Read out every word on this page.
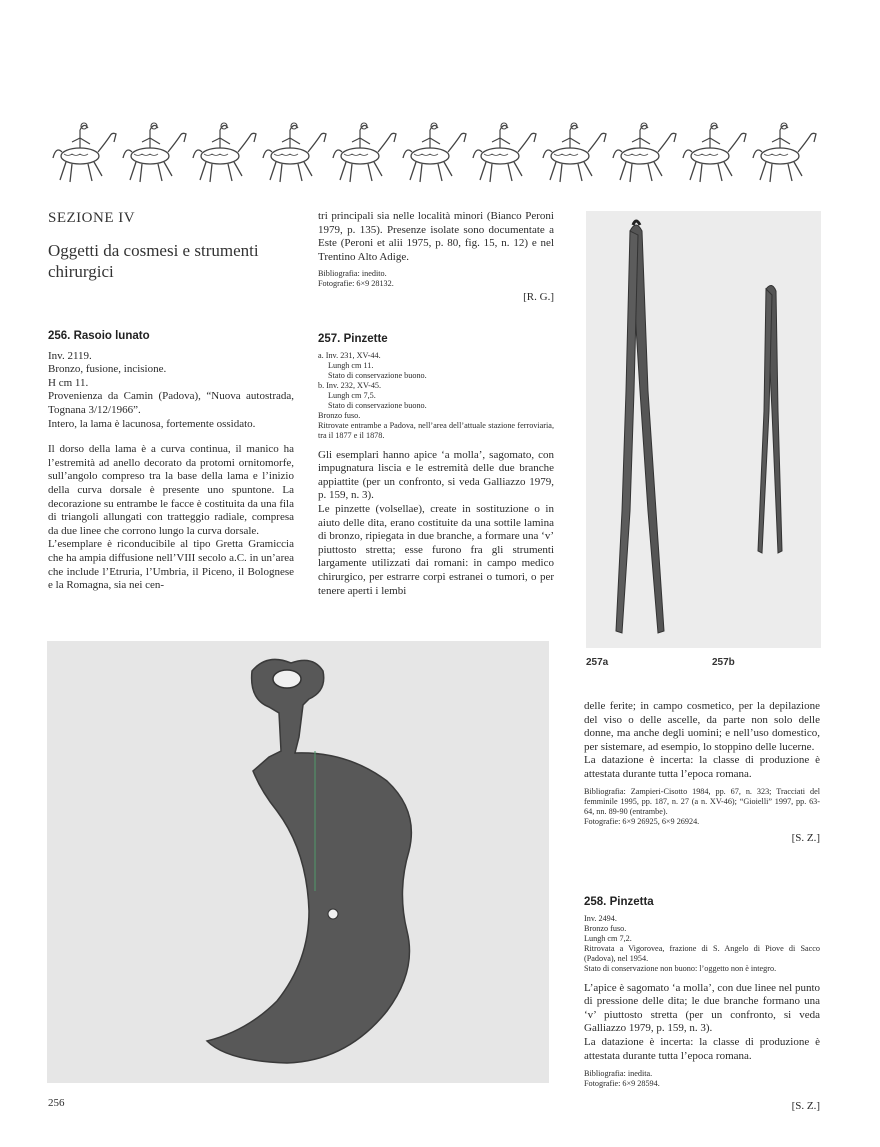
SEZIONE IV
Oggetti da cosmesi e strumenti chirurgici
256. Rasoio lunato
Inv. 2119.
Bronzo, fusione, incisione.
H cm 11.
Provenienza da Camin (Padova), “Nuova autostrada, Tognana 3/12/1966”.
Intero, la lama è lacunosa, fortemente ossidato.

Il dorso della lama è a curva continua, il manico ha l’estremità ad anello decorato da protomi ornitomorfe, sull’angolo compreso tra la base della lama e l’inizio della curva dorsale è presente uno spuntone. La decorazione su entrambe le facce è costituita da una fila di triangoli allungati con tratteggio radiale, compresa da due linee che corrono lungo la curva dorsale.

L’esemplare è riconducibile al tipo Gretta Gramiccia che ha ampia diffusione nell’VIII secolo a.C. in un’area che include l’Etruria, l’Umbria, il Piceno, il Bolognese e la Romagna, sia nei cen-

tri principali sia nelle località minori (Bianco Peroni 1979, p. 135). Presenze isolate sono documentate a Este (Peroni et alii 1975, p. 80, fig. 15, n. 12) e nel Trentino Alto Adige.

Bibliografia: inedito.
Fotografie: 6×9 28132.
[R. G.]
257. Pinzette
a. Inv. 231, XV-44.
Lungh cm 11.
Stato di conservazione buono.
b. Inv. 232, XV-45.
Lungh cm 7,5.
Stato di conservazione buono.
Bronzo fuso.
Ritrovate entrambe a Padova, nell’area dell’attuale stazione ferroviaria, tra il 1877 e il 1878.

Gli esemplari hanno apice ‘a molla’, sagomato, con impugnatura liscia e le estremità delle due branche appiattite (per un confronto, si veda Galliazzo 1979, p. 159, n. 3).

Le pinzette (volsellae), create in sostituzione o in aiuto delle dita, erano costituite da una sottile lamina di bronzo, ripiegata in due branche, a formare una ‘v’ piuttosto stretta; esse furono fra gli strumenti largamente utilizzati dai romani: in campo medico chirurgico, per estrarre corpi estranei o tumori, o per tenere aperti i lembi

257a	257b

delle ferite; in campo cosmetico, per la depilazione del viso o delle ascelle, da parte non solo delle donne, ma anche degli uomini; e nell’uso domestico, per sistemare, ad esempio, lo stoppino delle lucerne.

La datazione è incerta: la classe di produzione è attestata durante tutta l’epoca romana.

Bibliografia: Zampieri-Cisotto 1984, pp. 67, n. 323; Tracciati del femminile 1995, pp. 187, n. 27 (a n. XV-46); “Gioielli” 1997, pp. 63-64, nn. 89-90 (entrambe).
Fotografie: 6×9 26925, 6×9 26924.
[S. Z.]
258. Pinzetta
Inv. 2494.
Bronzo fuso.
Lungh cm 7,2.
Ritrovata a Vigorovea, frazione di S. Angelo di Piove di Sacco (Padova), nel 1954.
Stato di conservazione non buono: l’oggetto non è integro.

L’apice è sagomato ‘a molla’, con due linee nel punto di pressione delle dita; le due branche formano una ‘v’ piuttosto stretta (per un confronto, si veda Galliazzo 1979, p. 159, n. 3).

La datazione è incerta: la classe di produzione è attestata durante tutta l’epoca romana.

Bibliografia: inedita.
Fotografie: 6×9 28594.
[S. Z.]
256
